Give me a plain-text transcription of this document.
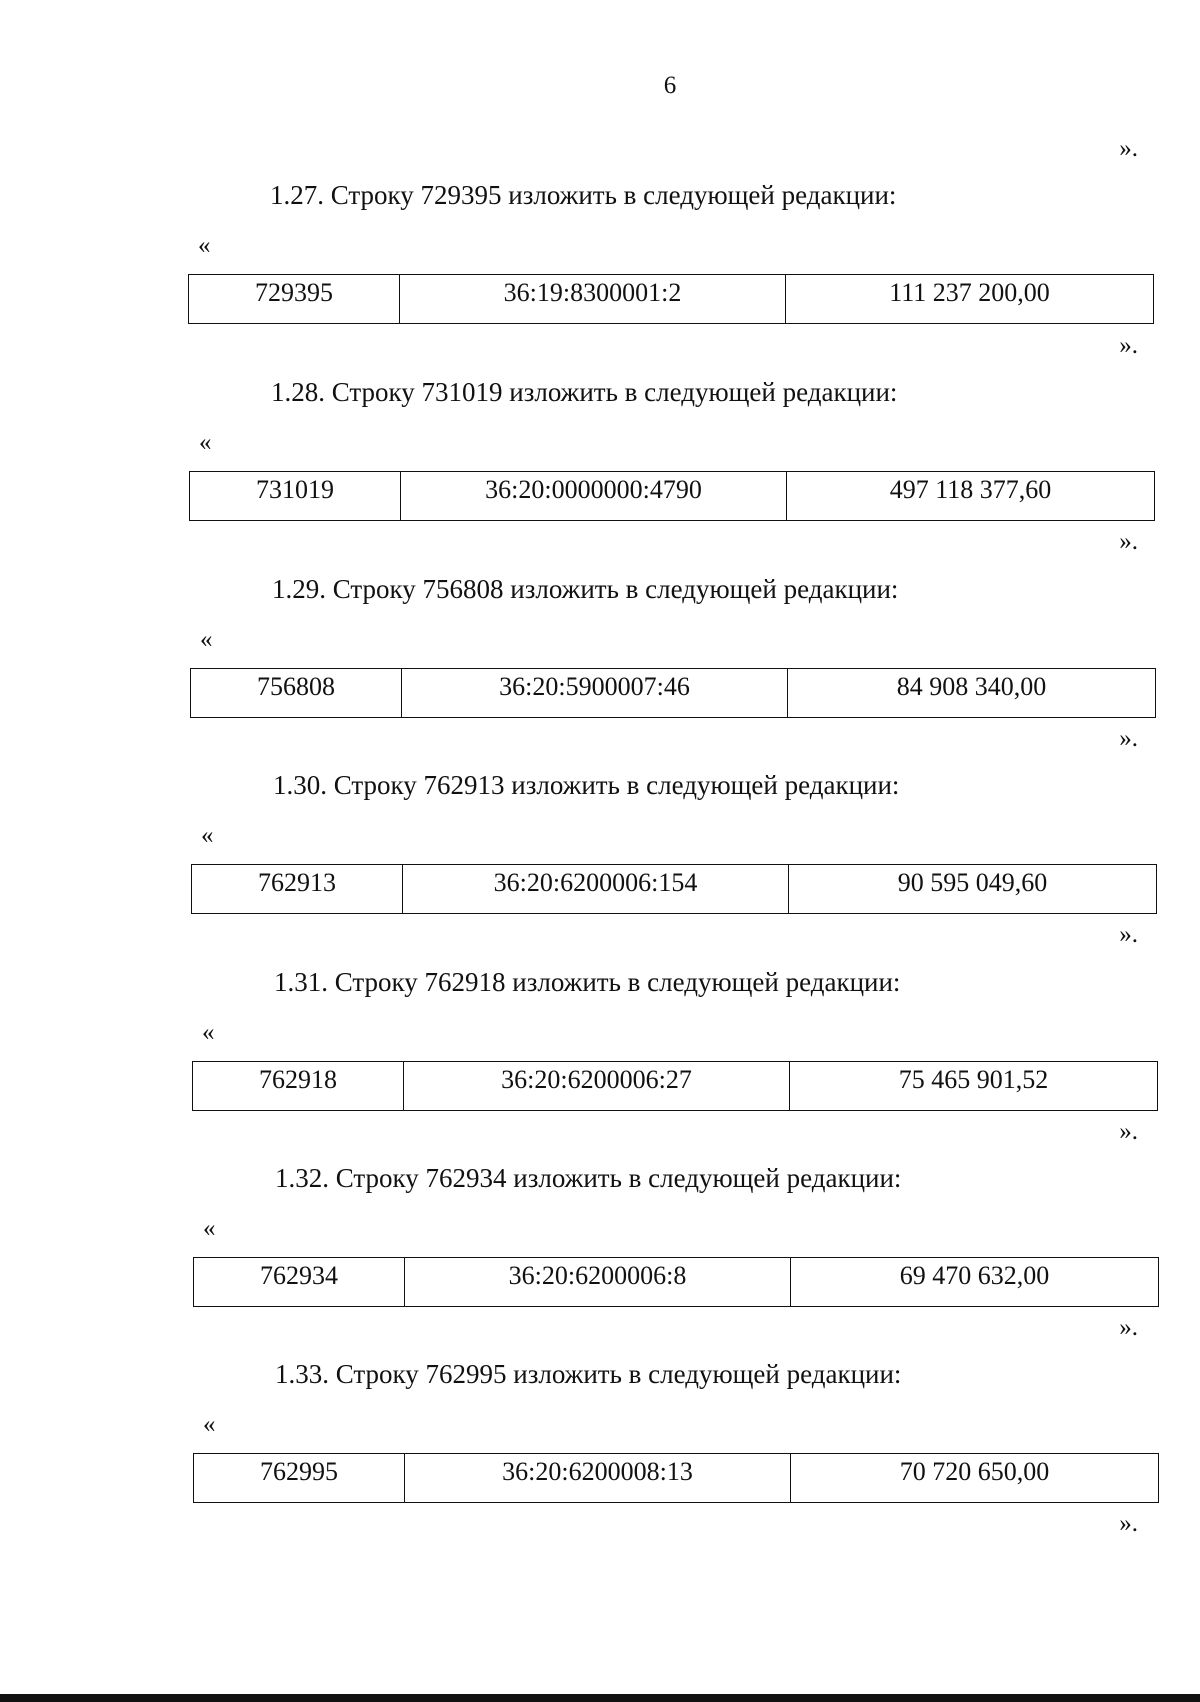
6
».
1.27. Строку 729395 изложить в следующей редакции:
«
729395	36:19:8300001:2	111 237 200,00
».
1.28. Строку 731019 изложить в следующей редакции:
«
731019	36:20:0000000:4790	497 118 377,60
».
1.29. Строку 756808 изложить в следующей редакции:
«
756808	36:20:5900007:46	84 908 340,00
».
1.30. Строку 762913 изложить в следующей редакции:
«
762913	36:20:6200006:154	90 595 049,60
».
1.31. Строку 762918 изложить в следующей редакции:
«
762918	36:20:6200006:27	75 465 901,52
».
1.32. Строку 762934 изложить в следующей редакции:
«
762934	36:20:6200006:8	69 470 632,00
».
1.33. Строку 762995 изложить в следующей редакции:
«
762995	36:20:6200008:13	70 720 650,00
».
